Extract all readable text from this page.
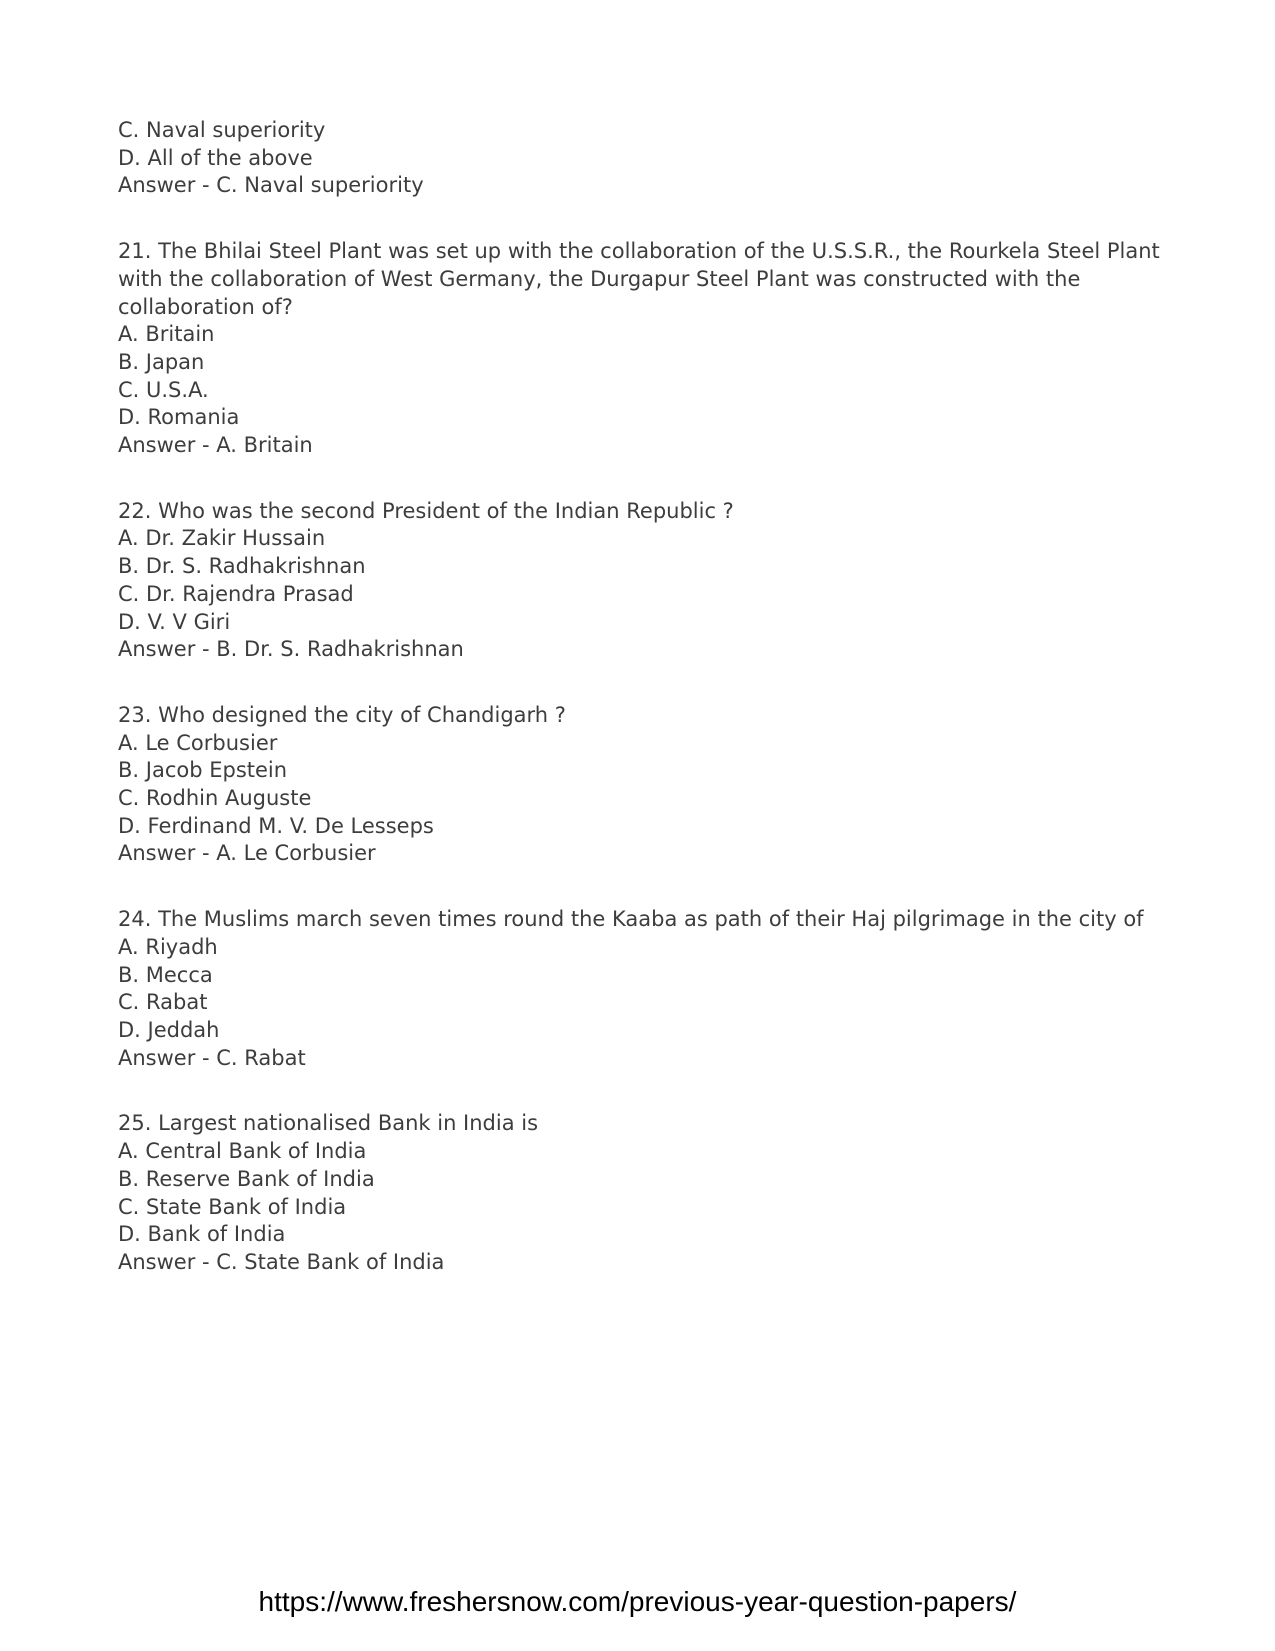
C. Naval superiority
D. All of the above
Answer - C. Naval superiority
21. The Bhilai Steel Plant was set up with the collaboration of the U.S.S.R., the Rourkela Steel Plant
with the collaboration of West Germany, the Durgapur Steel Plant was constructed with the
collaboration of?
A. Britain
B. Japan
C. U.S.A.
D. Romania
Answer - A. Britain
22. Who was the second President of the Indian Republic ?
A. Dr. Zakir Hussain
B. Dr. S. Radhakrishnan
C. Dr. Rajendra Prasad
D. V. V Giri
Answer - B. Dr. S. Radhakrishnan
23. Who designed the city of Chandigarh ?
A. Le Corbusier
B. Jacob Epstein
C. Rodhin Auguste
D. Ferdinand M. V. De Lesseps
Answer - A. Le Corbusier
24. The Muslims march seven times round the Kaaba as path of their Haj pilgrimage in the city of
A. Riyadh
B. Mecca
C. Rabat
D. Jeddah
Answer - C. Rabat
25. Largest nationalised Bank in India is
A. Central Bank of India
B. Reserve Bank of India
C. State Bank of India
D. Bank of India
Answer - C. State Bank of India
https://www.freshersnow.com/previous-year-question-papers/
